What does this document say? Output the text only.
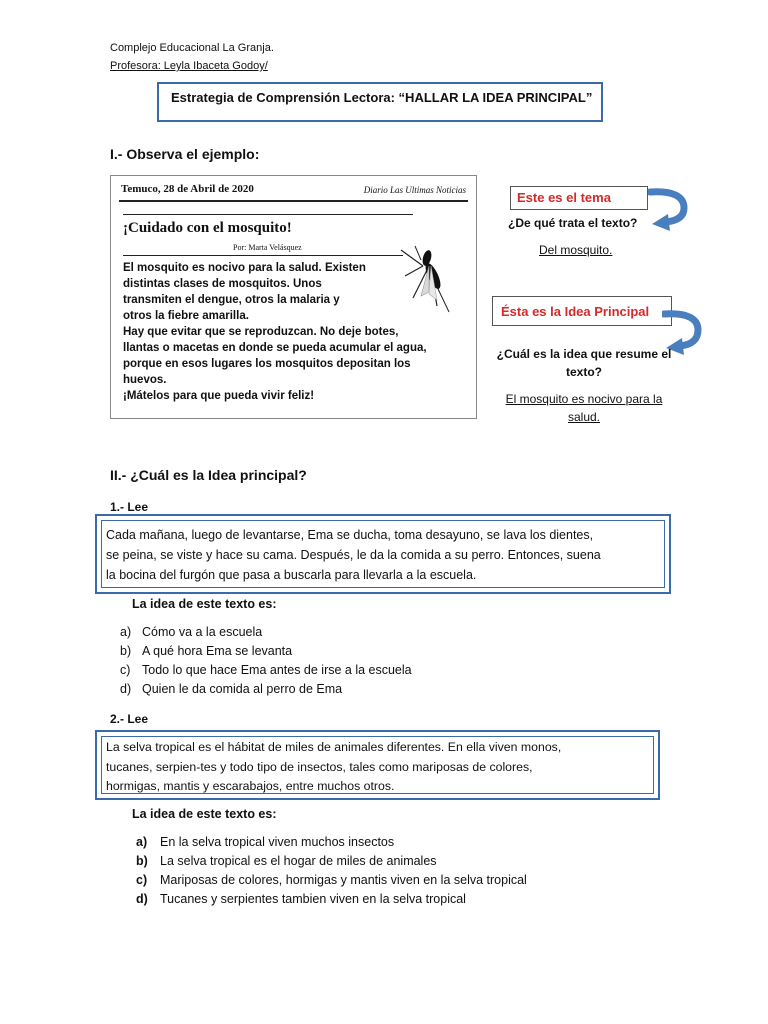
Complejo Educacional La Granja.
Profesora: Leyla Ibaceta Godoy/
Estrategia de Comprensión Lectora: “HALLAR LA IDEA PRINCIPAL”
I.- Observa el ejemplo:
Temuco, 28 de Abril de 2020	Diario Las Ultimas Noticias
¡Cuidado con el mosquito!
Por: Marta Velásquez

El mosquito es nocivo para la salud. Existen

distintas clases de mosquitos. Unos

transmiten el dengue, otros la malaria y

otros la fiebre amarilla.

Hay que evitar que se reproduzcan. No deje botes,

llantas o macetas en donde se pueda acumular el agua,

porque en esos lugares los mosquitos depositan los

huevos.

¡Mátelos para que pueda vivir feliz!

Este es el tema
¿De qué trata el texto?
Del mosquito.
Ésta es la Idea Principal
¿Cuál es la idea que resume el texto?
El mosquito es nocivo para la salud.
II.- ¿Cuál es la Idea principal?
1.- Lee
Cada mañana, luego de levantarse, Ema se ducha, toma desayuno, se lava los dientes,
se peina, se viste y hace su cama. Después, le da la comida a su perro. Entonces, suena
la bocina del furgón que pasa a buscarla para llevarla a la escuela.
La idea de este texto es:
a) Cómo va a la escuela
b) A qué hora Ema se levanta
c) Todo lo que hace Ema antes de irse a la escuela
d) Quien le da comida al perro de Ema
2.- Lee
La selva tropical es el hábitat de miles de animales diferentes. En ella viven monos,
tucanes, serpien-tes y todo tipo de insectos, tales como mariposas de colores,
hormigas, mantis y escarabajos, entre muchos otros.
La idea de este texto es:
a) En la selva tropical viven muchos insectos
b) La selva tropical es el hogar de miles de animales
c) Mariposas de colores, hormigas y mantis viven en la selva tropical
d) Tucanes y serpientes tambien viven en la selva tropical
